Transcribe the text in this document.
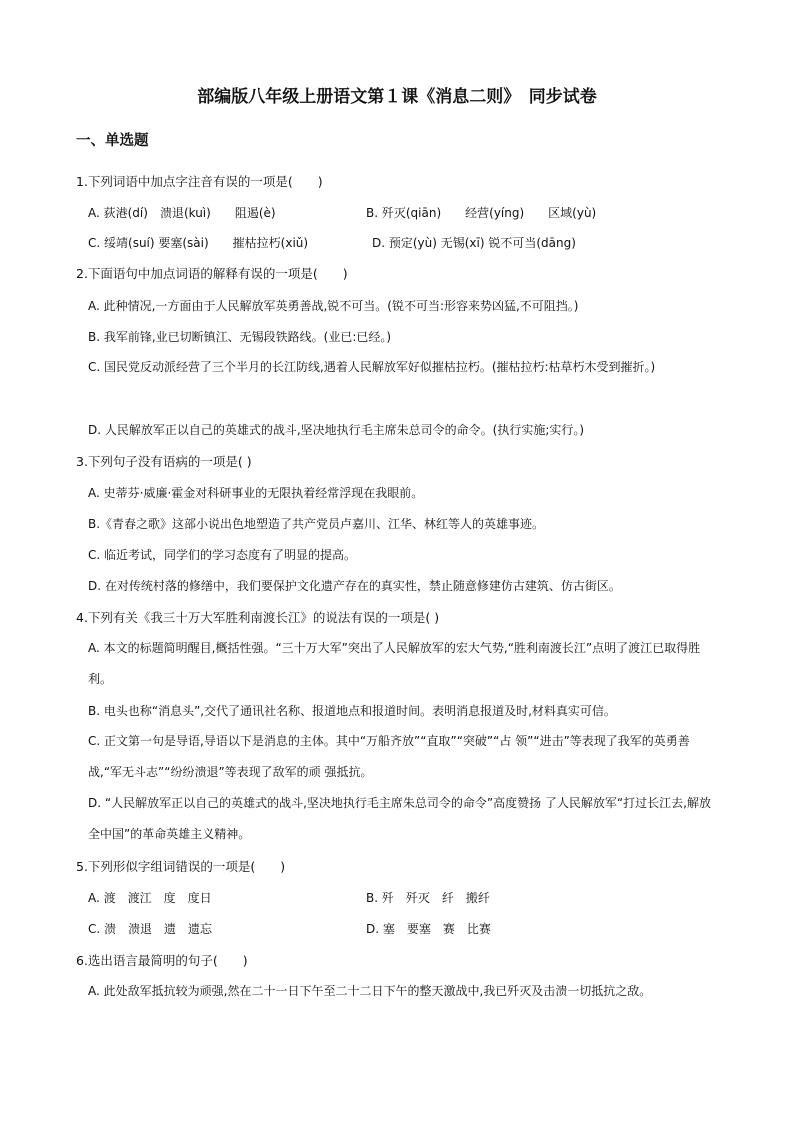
部编版八年级上册语文第１课《消息二则》　同步试卷
一、单选题
1.下列词语中加点字注音有误的一项是(　　)
A. 荻港(dí)　溃退(kuì)　　阻遏(è)	B. 歼灭(qiān)　　经营(yíng)　　区域(yù)
C. 绥靖(suí) 要塞(sài)　　摧枯拉朽(xiǔ)	D. 预定(yù) 无锡(xī) 锐不可当(dāng)
2.下面语句中加点词语的解释有误的一项是(　　)
A. 此种情况,一方面由于人民解放军英勇善战,锐不可当。(锐不可当:形容来势凶猛,不可阻挡。)
B. 我军前锋,业已切断镇江、无锡段铁路线。(业已:已经。)
C. 国民党反动派经营了三个半月的长江防线,遇着人民解放军好似摧枯拉朽。(摧枯拉朽:枯草朽木受到摧折。)
D. 人民解放军正以自己的英雄式的战斗,坚决地执行毛主席朱总司令的命令。(执行实施;实行。)
3.下列句子没有语病的一项是( )
A. 史蒂芬·威廉·霍金对科研事业的无限执着经常浮现在我眼前。
B.《青春之歌》这部小说出色地塑造了共产党员卢嘉川、江华、林红等人的英雄事迹。
C. 临近考试，同学们的学习态度有了明显的提高。
D. 在对传统村落的修缮中，我们要保护文化遗产存在的真实性，禁止随意修建仿古建筑、仿古街区。
4.下列有关《我三十万大军胜利南渡长江》的说法有误的一项是( )
A. 本文的标题简明醒目,概括性强。“三十万大军”突出了人民解放军的宏大气势,“胜利南渡长江”点明了渡江已取得胜利。
B. 电头也称“消息头”,交代了通讯社名称、报道地点和报道时间。表明消息报道及时,材料真实可信。
C. 正文第一句是导语,导语以下是消息的主体。其中“万船齐放”“直取”“突破”“占 领”“进击”等表现了我军的英勇善战,“军无斗志”“纷纷溃退”等表现了敌军的顽 强抵抗。
D. “人民解放军正以自己的英雄式的战斗,坚决地执行毛主席朱总司令的命令”高度赞扬 了人民解放军“打过长江去,解放全中国”的革命英雄主义精神。
5.下列形似字组词错误的一项是(　　)
A. 渡　渡江　度　度日	B. 歼　歼灭　纤　搬纤
C. 溃　溃退　遗　遗忘	D. 塞　要塞　赛　比赛
6.选出语言最简明的句子(　　)
A. 此处敌军抵抗较为顽强,然在二十一日下午至二十二日下午的整天激战中,我已歼灭及击溃一切抵抗之敌。
